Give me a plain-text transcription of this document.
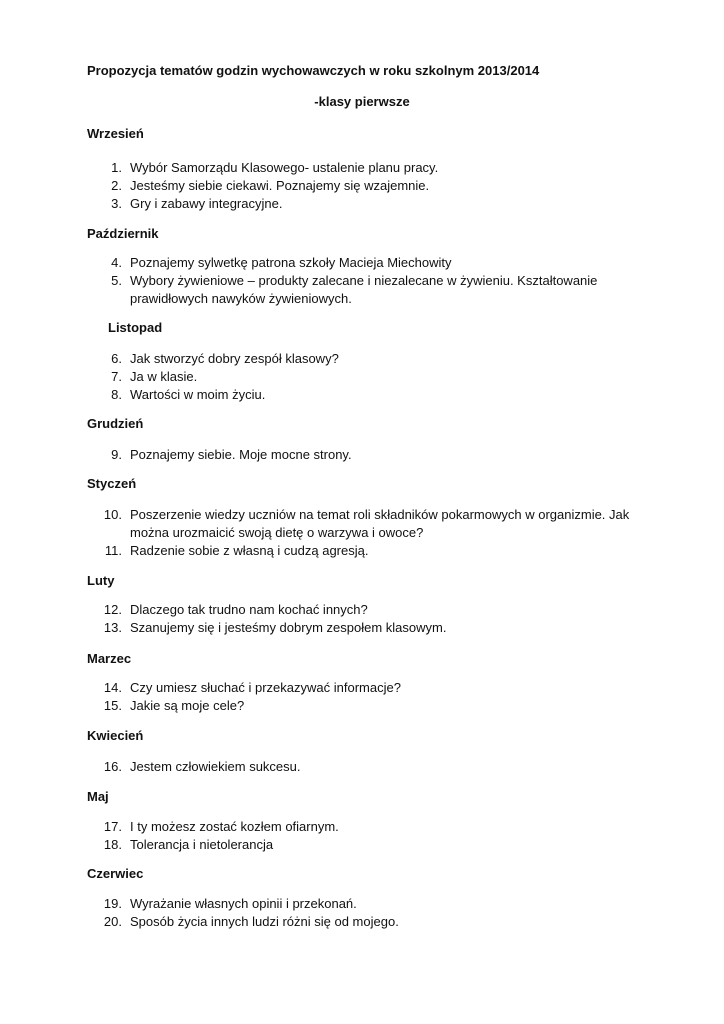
Propozycja tematów godzin wychowawczych w roku szkolnym 2013/2014
-klasy pierwsze
Wrzesień
1. Wybór Samorządu Klasowego- ustalenie planu pracy.
2. Jesteśmy siebie ciekawi. Poznajemy się wzajemnie.
3. Gry i zabawy integracyjne.
Październik
4. Poznajemy sylwetkę patrona szkoły Macieja Miechowity
5. Wybory żywieniowe – produkty zalecane i niezalecane w żywieniu. Kształtowanie prawidłowych nawyków żywieniowych.
Listopad
6. Jak stworzyć dobry zespół klasowy?
7. Ja w klasie.
8. Wartości w moim życiu.
Grudzień
9. Poznajemy siebie. Moje mocne strony.
Styczeń
10. Poszerzenie wiedzy uczniów na temat roli składników pokarmowych w organizmie. Jak można urozmaicić swoją dietę o warzywa i owoce?
11. Radzenie sobie z własną i cudzą agresją.
Luty
12. Dlaczego tak trudno nam kochać innych?
13. Szanujemy się i jesteśmy dobrym zespołem klasowym.
Marzec
14. Czy umiesz słuchać i przekazywać informacje?
15. Jakie są moje cele?
Kwiecień
16. Jestem człowiekiem sukcesu.
Maj
17. I ty możesz zostać kozłem ofiarnym.
18. Tolerancja i nietolerancja
Czerwiec
19. Wyrażanie własnych opinii i przekonań.
20. Sposób życia innych ludzi różni się od mojego.
